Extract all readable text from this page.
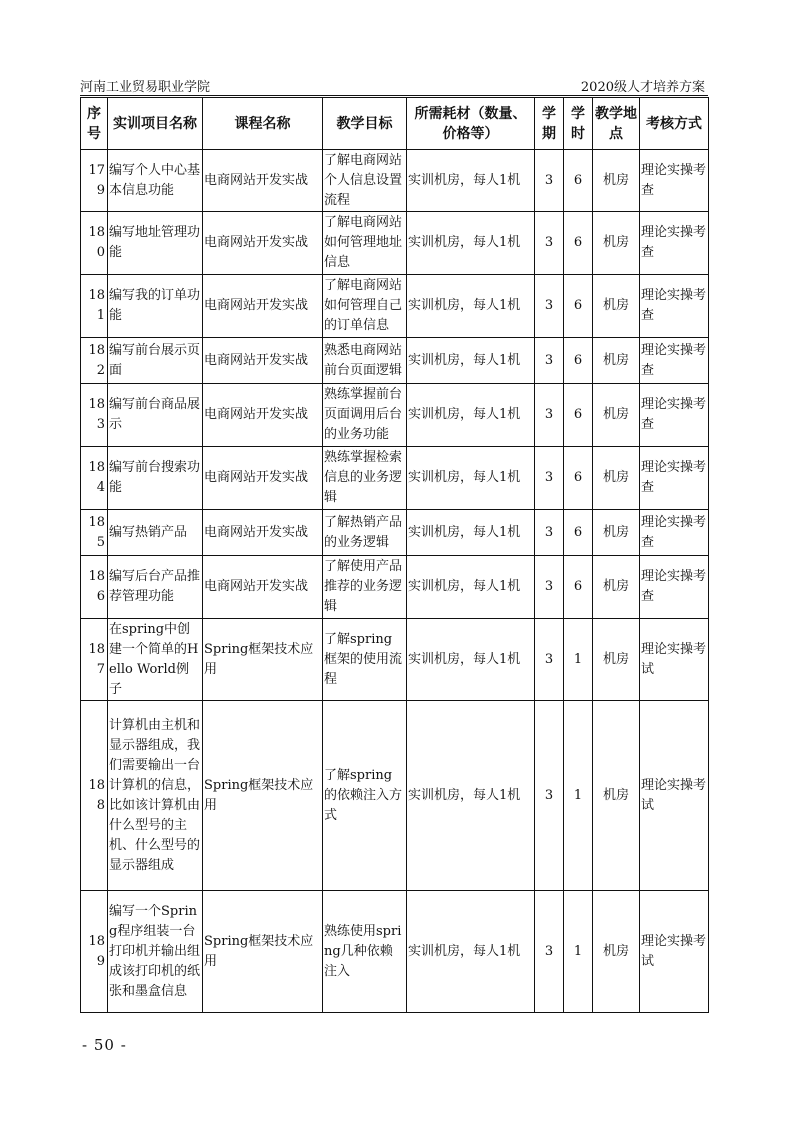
河南工业贸易职业学院	2020级人才培养方案
序号	实训项目名称	课程名称	教学目标	所需耗材（数量、价格等）	学期	学时	教学地点	考核方式
179	编写个人中心基本信息功能	电商网站开发实战	了解电商网站个人信息设置流程	实训机房，每人1机	3	6	机房	理论实操考查
180	编写地址管理功能	电商网站开发实战	了解电商网站如何管理地址信息	实训机房，每人1机	3	6	机房	理论实操考查
181	编写我的订单功能	电商网站开发实战	了解电商网站如何管理自己的订单信息	实训机房，每人1机	3	6	机房	理论实操考查
182	编写前台展示页面	电商网站开发实战	熟悉电商网站前台页面逻辑	实训机房，每人1机	3	6	机房	理论实操考查
183	编写前台商品展示	电商网站开发实战	熟练掌握前台页面调用后台的业务功能	实训机房，每人1机	3	6	机房	理论实操考查
184	编写前台搜索功能	电商网站开发实战	熟练掌握检索信息的业务逻辑	实训机房，每人1机	3	6	机房	理论实操考查
185	编写热销产品	电商网站开发实战	了解热销产品的业务逻辑	实训机房，每人1机	3	6	机房	理论实操考查
186	编写后台产品推荐管理功能	电商网站开发实战	了解使用产品推荐的业务逻辑	实训机房，每人1机	3	6	机房	理论实操考查
187	在spring中创建一个简单的Hello World例子	Spring框架技术应用	了解spring框架的使用流程	实训机房，每人1机	3	1	机房	理论实操考试
188	计算机由主机和显示器组成，我们需要输出一台计算机的信息，比如该计算机由什么型号的主机、什么型号的显示器组成	Spring框架技术应用	了解spring的依赖注入方式	实训机房，每人1机	3	1	机房	理论实操考试
189	编写一个Spring程序组装一台打印机并输出组成该打印机的纸张和墨盒信息	Spring框架技术应用	熟练使用spring几种依赖注入	实训机房，每人1机	3	1	机房	理论实操考试
- 50 -
